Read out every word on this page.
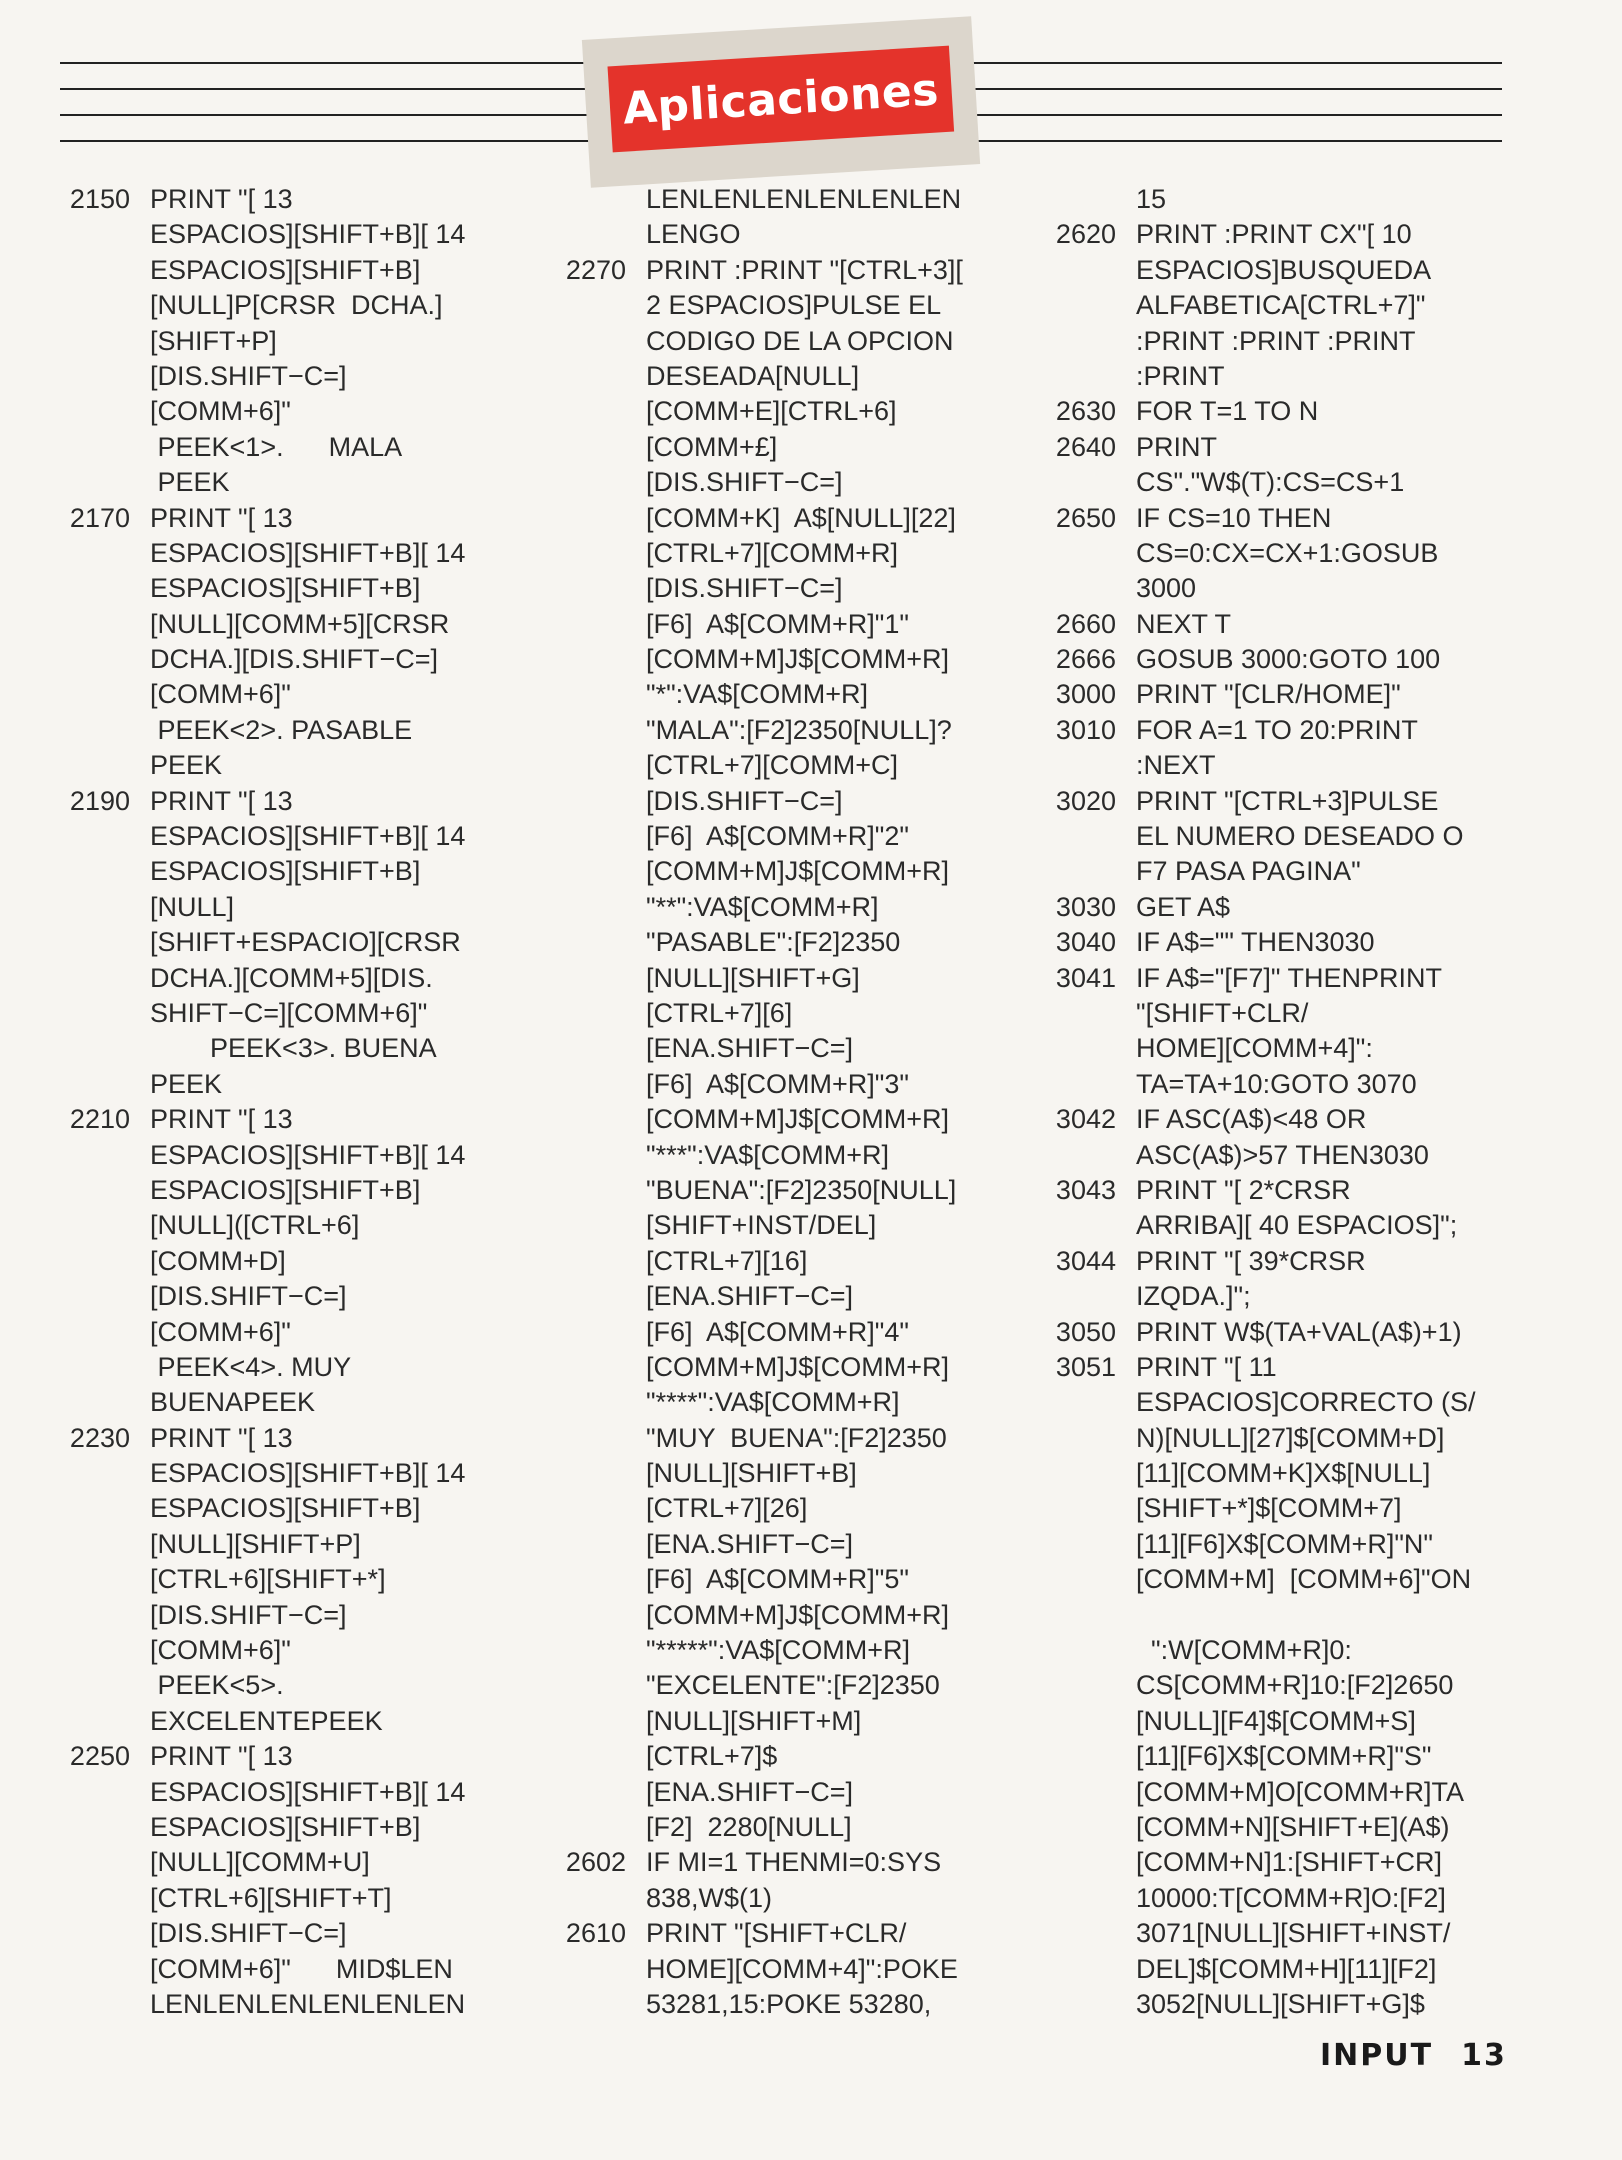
Aplicaciones
2150 PRINT "[ 13
ESPACIOS][SHIFT+B][ 14
ESPACIOS][SHIFT+B]
[NULL]P[CRSR  DCHA.]
[SHIFT+P]
[DIS.SHIFT−C=]
[COMM+6]"
PEEK<1>.      MALA
PEEK
2170 PRINT "[ 13
ESPACIOS][SHIFT+B][ 14
ESPACIOS][SHIFT+B]
[NULL][COMM+5][CRSR
DCHA.][DIS.SHIFT−C=]
[COMM+6]"
PEEK<2>. PASABLE
PEEK
2190 PRINT "[ 13
ESPACIOS][SHIFT+B][ 14
ESPACIOS][SHIFT+B]
[NULL]
[SHIFT+ESPACIO][CRSR
DCHA.][COMM+5][DIS.
SHIFT−C=][COMM+6]"
PEEK<3>. BUENA
PEEK
2210 PRINT "[ 13
ESPACIOS][SHIFT+B][ 14
ESPACIOS][SHIFT+B]
[NULL]([CTRL+6]
[COMM+D]
[DIS.SHIFT−C=]
[COMM+6]"
PEEK<4>. MUY
BUENAPEEK
2230 PRINT "[ 13
ESPACIOS][SHIFT+B][ 14
ESPACIOS][SHIFT+B]
[NULL][SHIFT+P]
[CTRL+6][SHIFT+*]
[DIS.SHIFT−C=]
[COMM+6]"
PEEK<5>.
EXCELENTEPEEK
2250 PRINT "[ 13
ESPACIOS][SHIFT+B][ 14
ESPACIOS][SHIFT+B]
[NULL][COMM+U]
[CTRL+6][SHIFT+T]
[DIS.SHIFT−C=]
[COMM+6]"      MID$LEN
LENLENLENLENLENLEN
LENLENLENLENLENLEN
LENGO
2270 PRINT :PRINT "[CTRL+3][
2 ESPACIOS]PULSE EL
CODIGO DE LA OPCION
DESEADA[NULL]
[COMM+E][CTRL+6]
[COMM+£]
[DIS.SHIFT−C=]
[COMM+K]  A$[NULL][22]
[CTRL+7][COMM+R]
[DIS.SHIFT−C=]
[F6]  A$[COMM+R]"1"
[COMM+M]J$[COMM+R]
"*":VA$[COMM+R]
"MALA":[F2]2350[NULL]?
[CTRL+7][COMM+C]
[DIS.SHIFT−C=]
[F6]  A$[COMM+R]"2"
[COMM+M]J$[COMM+R]
"**":VA$[COMM+R]
"PASABLE":[F2]2350
[NULL][SHIFT+G]
[CTRL+7][6]
[ENA.SHIFT−C=]
[F6]  A$[COMM+R]"3"
[COMM+M]J$[COMM+R]
"***":VA$[COMM+R]
"BUENA":[F2]2350[NULL]
[SHIFT+INST/DEL]
[CTRL+7][16]
[ENA.SHIFT−C=]
[F6]  A$[COMM+R]"4"
[COMM+M]J$[COMM+R]
"****":VA$[COMM+R]
"MUY  BUENA":[F2]2350
[NULL][SHIFT+B]
[CTRL+7][26]
[ENA.SHIFT−C=]
[F6]  A$[COMM+R]"5"
[COMM+M]J$[COMM+R]
"*****":VA$[COMM+R]
"EXCELENTE":[F2]2350
[NULL][SHIFT+M]
[CTRL+7]$
[ENA.SHIFT−C=]
[F2]  2280[NULL]
2602 IF MI=1 THENMI=0:SYS
838,W$(1)
2610 PRINT "[SHIFT+CLR/
HOME][COMM+4]":POKE
53281,15:POKE 53280,
15
2620 PRINT :PRINT CX"[ 10
ESPACIOS]BUSQUEDA
ALFABETICA[CTRL+7]"
:PRINT :PRINT :PRINT
:PRINT
2630 FOR T=1 TO N
2640 PRINT
CS"."W$(T):CS=CS+1
2650 IF CS=10 THEN
CS=0:CX=CX+1:GOSUB
3000
2660 NEXT T
2666 GOSUB 3000:GOTO 100
3000 PRINT "[CLR/HOME]"
3010 FOR A=1 TO 20:PRINT
:NEXT
3020 PRINT "[CTRL+3]PULSE
EL NUMERO DESEADO O
F7 PASA PAGINA"
3030 GET A$
3040 IF A$="" THEN3030
3041 IF A$="[F7]" THENPRINT
"[SHIFT+CLR/
HOME][COMM+4]":
TA=TA+10:GOTO 3070
3042 IF ASC(A$)<48 OR
ASC(A$)>57 THEN3030
3043 PRINT "[ 2*CRSR
ARRIBA][ 40 ESPACIOS]";
3044 PRINT "[ 39*CRSR
IZQDA.]";
3050 PRINT W$(TA+VAL(A$)+1)
3051 PRINT "[ 11
ESPACIOS]CORRECTO (S/
N)[NULL][27]$[COMM+D]
[11][COMM+K]X$[NULL]
[SHIFT+*]$[COMM+7]
[11][F6]X$[COMM+R]"N"
[COMM+M]  [COMM+6]"ON
":W[COMM+R]0:
CS[COMM+R]10:[F2]2650
[NULL][F4]$[COMM+S]
[11][F6]X$[COMM+R]"S"
[COMM+M]O[COMM+R]TA
[COMM+N][SHIFT+E](A$)
[COMM+N]1:[SHIFT+CR]
10000:T[COMM+R]O:[F2]
3071[NULL][SHIFT+INST/
DEL]$[COMM+H][11][F2]
3052[NULL][SHIFT+G]$
INPUT 13
